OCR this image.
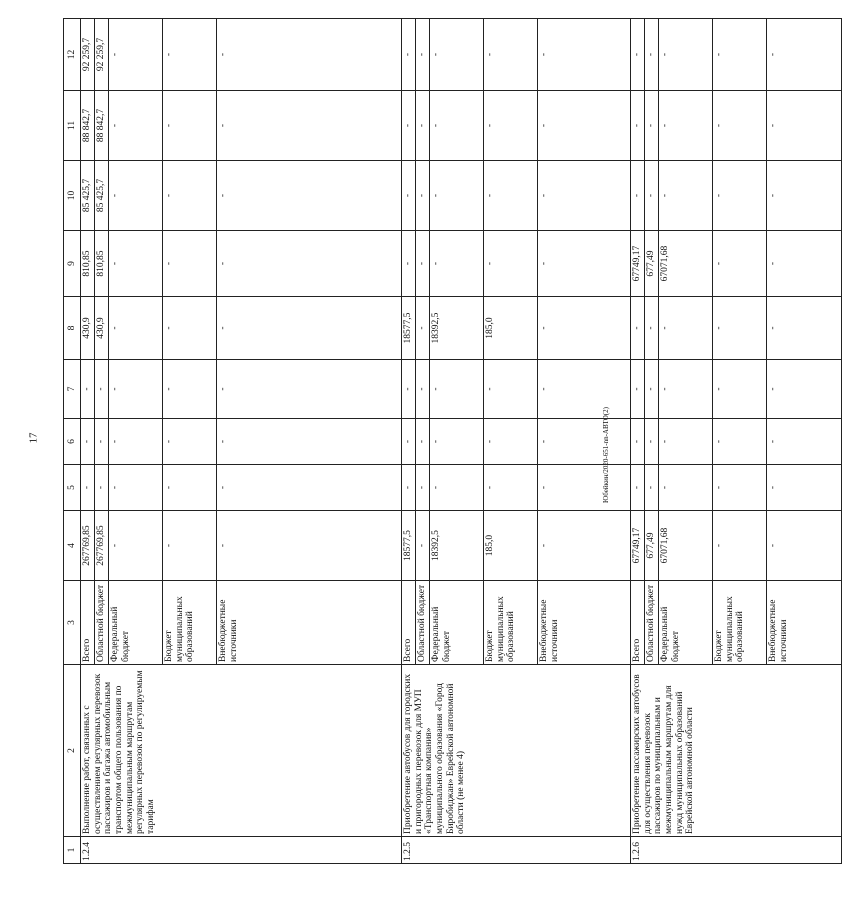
17	Юбейкин/2020-651-nn-АВТО(2)
1	2	3	4	5	6	7	8	9	10	11	12
1.2.4	Выполнение работ, связанных с осуществлением регулярных перевозок пассажиров и багажа автомобильным транспортом общего пользования по межмуниципальным маршрутам регулярных перевозок по регулируемым тарифам	Всего	267769,85	-	-	-	430,9	810,85	85 425,7	88 842,7	92 259,7
		Областной бюджет	267769,85	-	-	-	430,9	810,85	85 425,7	88 842,7	92 259,7
		Федеральный бюджет	-	-	-	-	-	-	-	-	-
		Бюджет муниципальных образований	-	-	-	-	-	-	-	-	-
		Внебюджетные источники	-	-	-	-	-	-	-	-	-
1.2.5	Приобретение автобусов для городских и пригородных перевозок для МУП «Транспортная компания» муниципального образования «Город Биробиджан» Еврейской автономной области (не менее 4)	Всего	18577,5	-	-	-	18577,5	-	-	-	-
		Областной бюджет	-	-	-	-	-	-	-	-	-
		Федеральный бюджет	18392,5	-	-	-	18392,5	-	-	-	-
		Бюджет муниципальных образований	185,0	-	-	-	185,0	-	-	-	-
		Внебюджетные источники	-	-	-	-	-	-	-	-	-
1.2.6	Приобретение пассажирских автобусов для осуществления перевозок пассажиров по муниципальным и межмуниципальным маршрутам для нужд муниципальных образований Еврейской автономной области	Всего	67749,17	-	-	-	-	67749,17	-	-	-
		Областной бюджет	677,49	-	-	-	-	677,49	-	-	-
		Федеральный бюджет	67071,68	-	-	-	-	67071,68	-	-	-
		Бюджет муниципальных образований	-	-	-	-	-	-	-	-	-
		Внебюджетные источники	-	-	-	-	-	-	-	-	-
